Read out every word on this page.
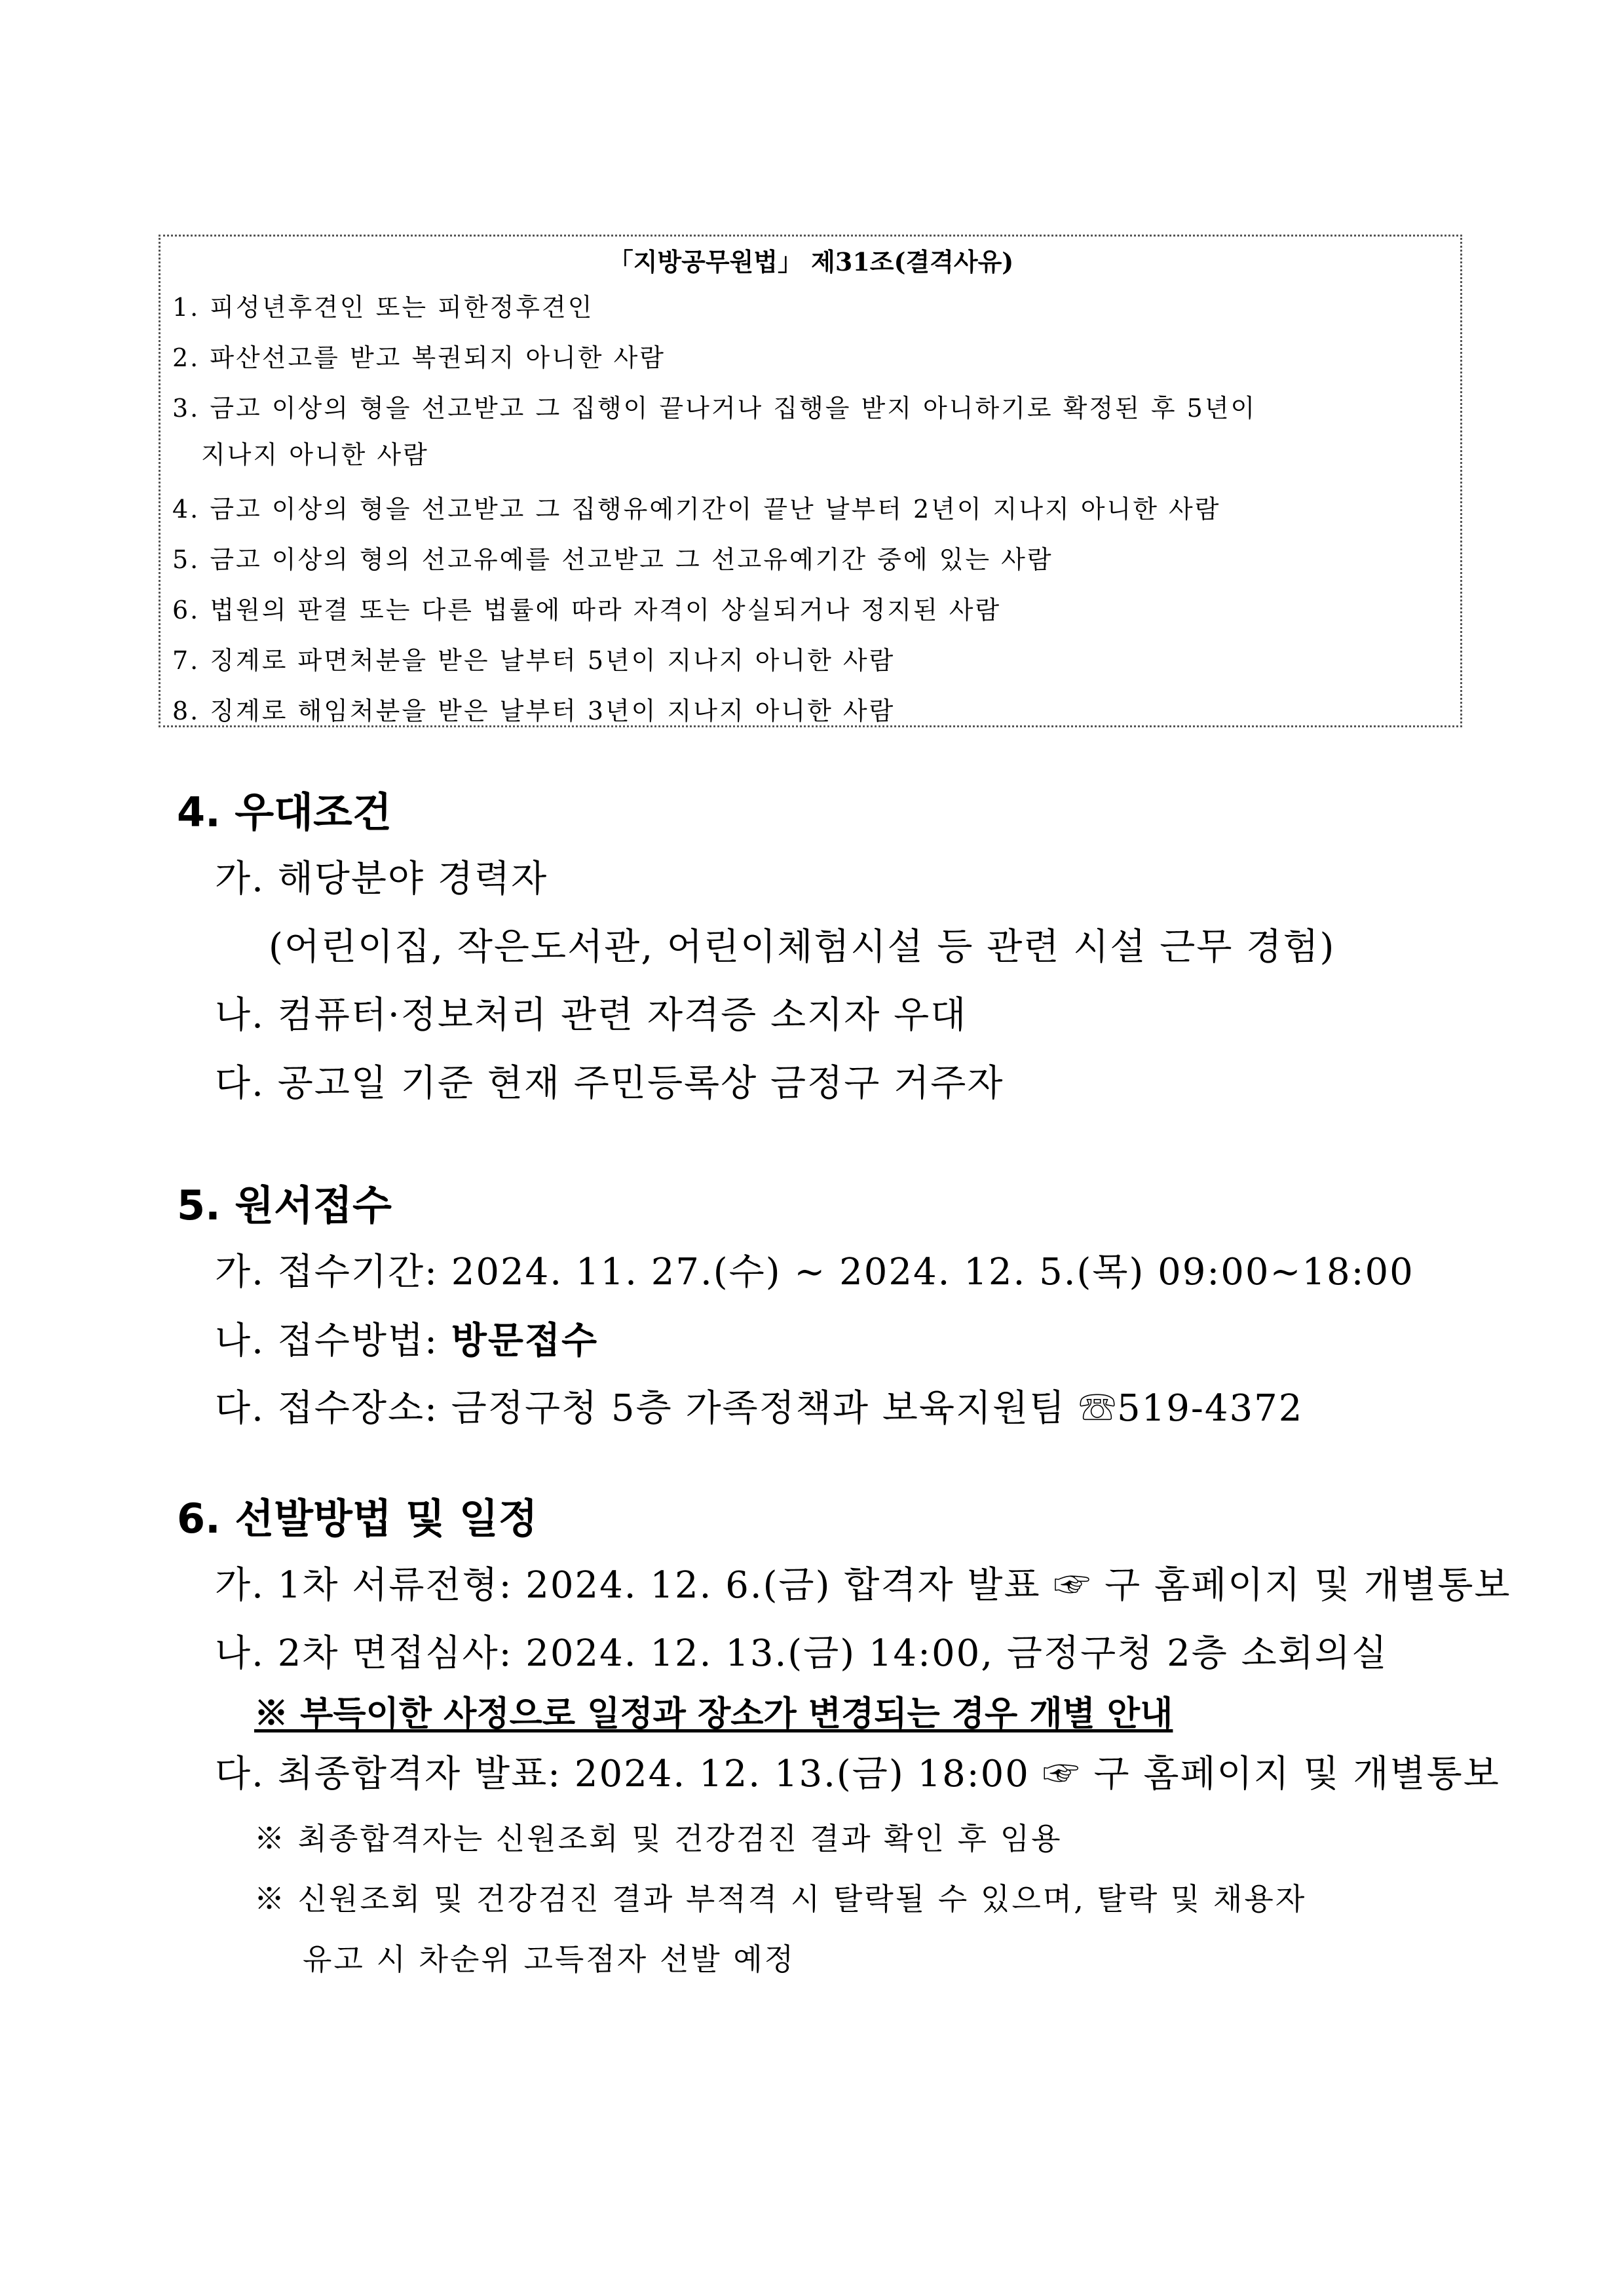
「지방공무원법」 제31조(결격사유)
1. 피성년후견인 또는 피한정후견인
2. 파산선고를 받고 복권되지 아니한 사람
3. 금고 이상의 형을 선고받고 그 집행이 끝나거나 집행을 받지 아니하기로 확정된 후 5년이
지나지 아니한 사람
4. 금고 이상의 형을 선고받고 그 집행유예기간이 끝난 날부터 2년이 지나지 아니한 사람
5. 금고 이상의 형의 선고유예를 선고받고 그 선고유예기간 중에 있는 사람
6. 법원의 판결 또는 다른 법률에 따라 자격이 상실되거나 정지된 사람
7. 징계로 파면처분을 받은 날부터 5년이 지나지 아니한 사람
8. 징계로 해임처분을 받은 날부터 3년이 지나지 아니한 사람
4. 우대조건
가. 해당분야 경력자
(어린이집, 작은도서관, 어린이체험시설 등 관련 시설 근무 경험)
나. 컴퓨터·정보처리 관련 자격증 소지자 우대
다. 공고일 기준 현재 주민등록상 금정구 거주자
5. 원서접수
가. 접수기간: 2024. 11. 27.(수) ~ 2024. 12. 5.(목) 09:00~18:00
나. 접수방법: 방문접수
다. 접수장소: 금정구청 5층 가족정책과 보육지원팀 ☏519-4372
6. 선발방법 및 일정
가. 1차 서류전형: 2024. 12. 6.(금) 합격자 발표 ☞ 구 홈페이지 및 개별통보
나. 2차 면접심사: 2024. 12. 13.(금) 14:00, 금정구청 2층 소회의실
※ 부득이한 사정으로 일정과 장소가 변경되는 경우 개별 안내
다. 최종합격자 발표: 2024. 12. 13.(금) 18:00 ☞ 구 홈페이지 및 개별통보
※ 최종합격자는 신원조회 및 건강검진 결과 확인 후 임용
※ 신원조회 및 건강검진 결과 부적격 시 탈락될 수 있으며, 탈락 및 채용자
유고 시 차순위 고득점자 선발 예정
